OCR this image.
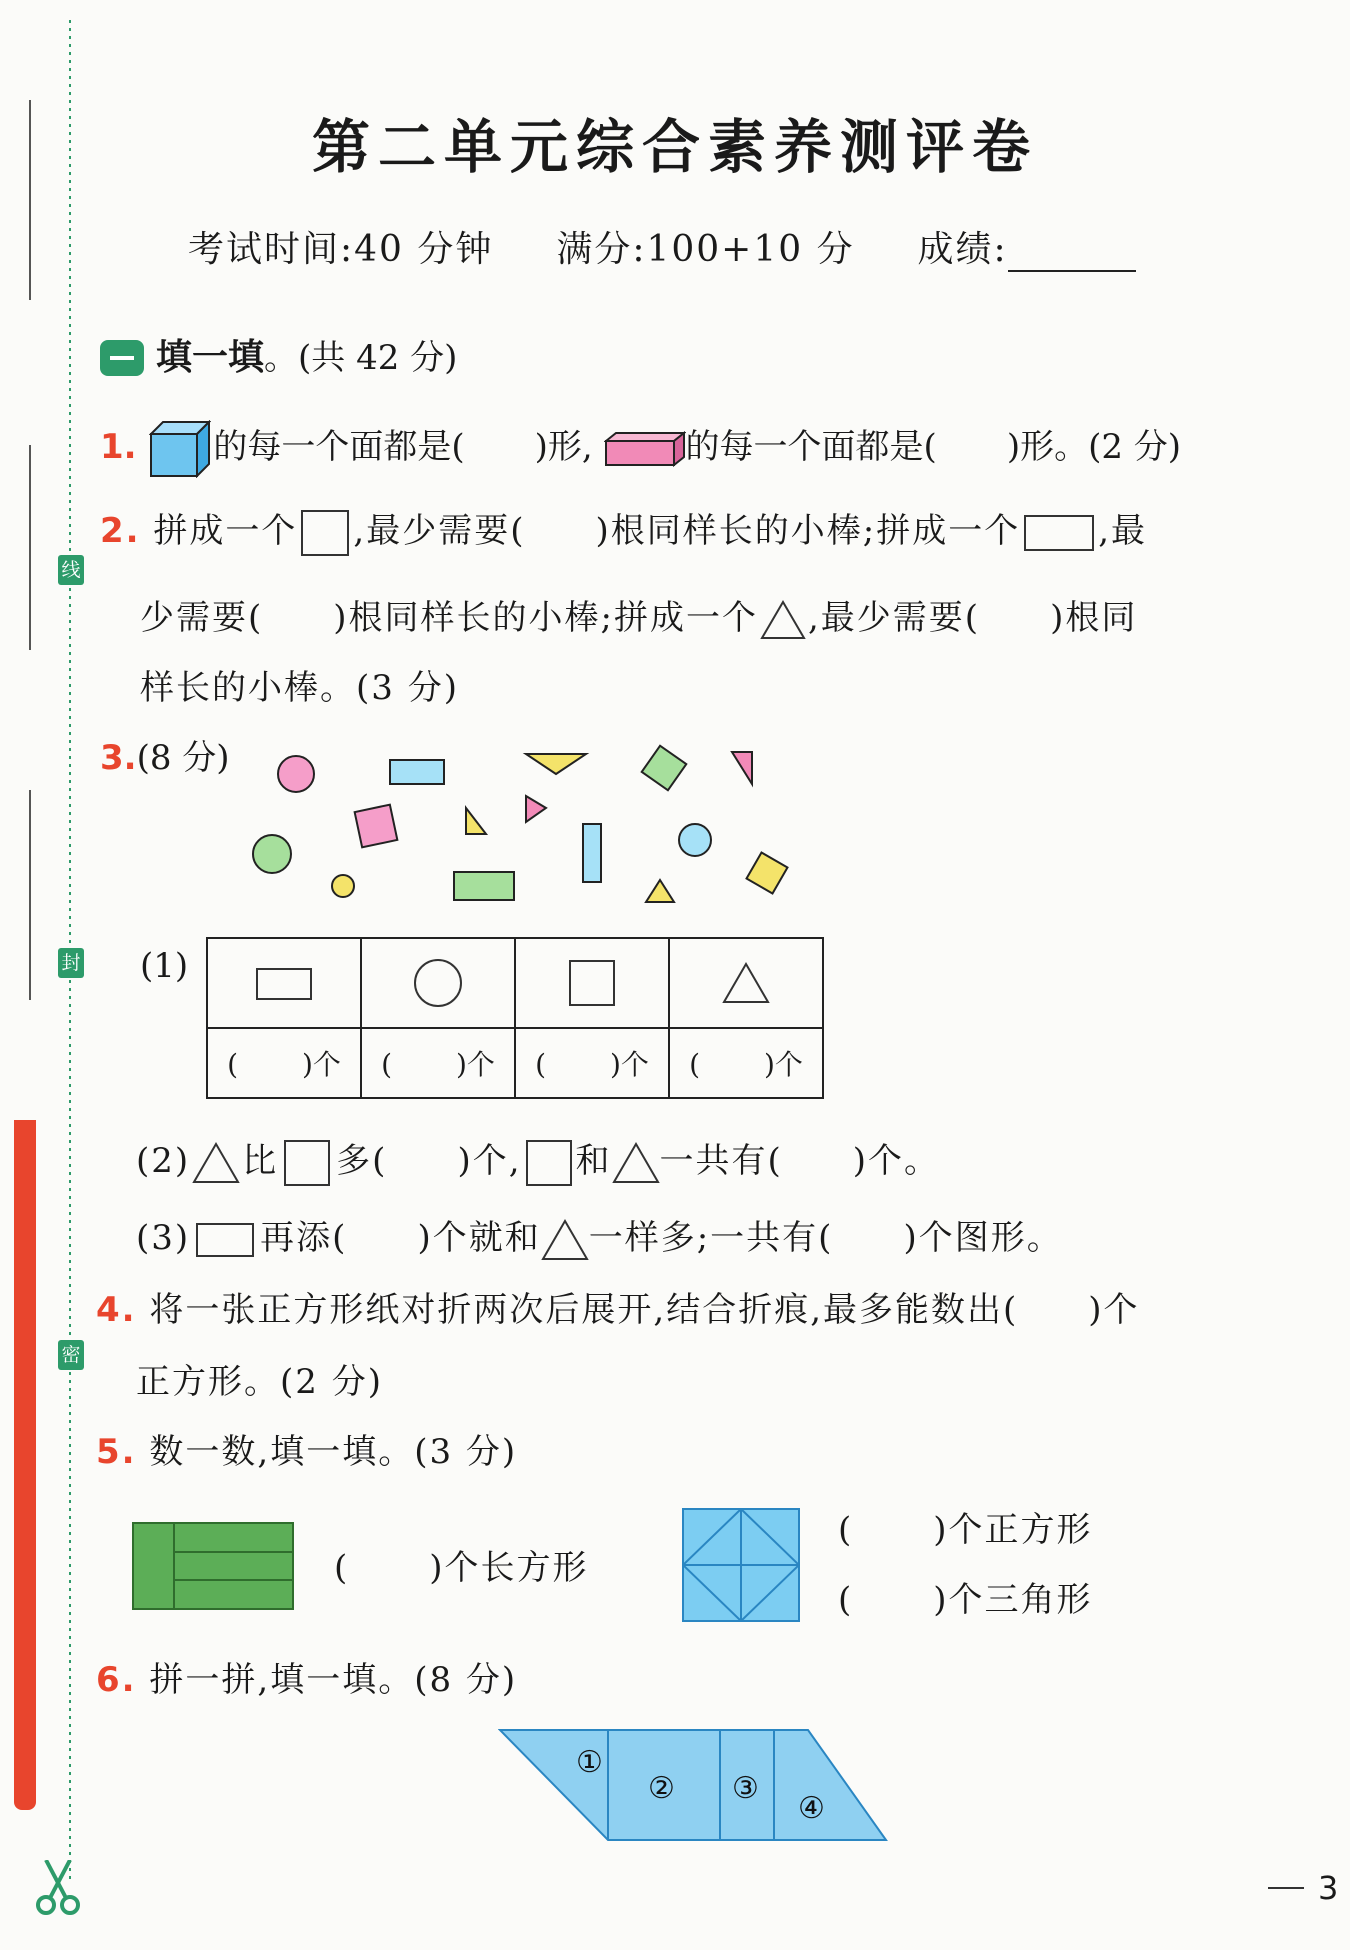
线
封
密
第二单元综合素养测评卷
考试时间:40 分钟 满分:100+10 分 成绩:
填一填。(共 42 分)
1. 的每一个面都是( )形,	的每一个面都是( )形。(2 分)
2. 拼成一个 ,最少需要( )根同样长的小棒;拼成一个 ,最
少需要( )根同样长的小棒;拼成一个 ,最少需要( )根同
样长的小棒。(3 分)
3.(8 分)
(1)

( )个	( )个	( )个	( )个
(2) 比 多( )个, 和 一共有( )个。
(3) 再添( )个就和 一样多;一共有( )个图形。
4. 将一张正方形纸对折两次后展开,结合折痕,最多能数出( )个
正方形。(2 分)
5. 数一数,填一填。(3 分)
( )个长方形
( )个正方形
( )个三角形
6. 拼一拼,填一填。(8 分)
①
② ③
④
3
